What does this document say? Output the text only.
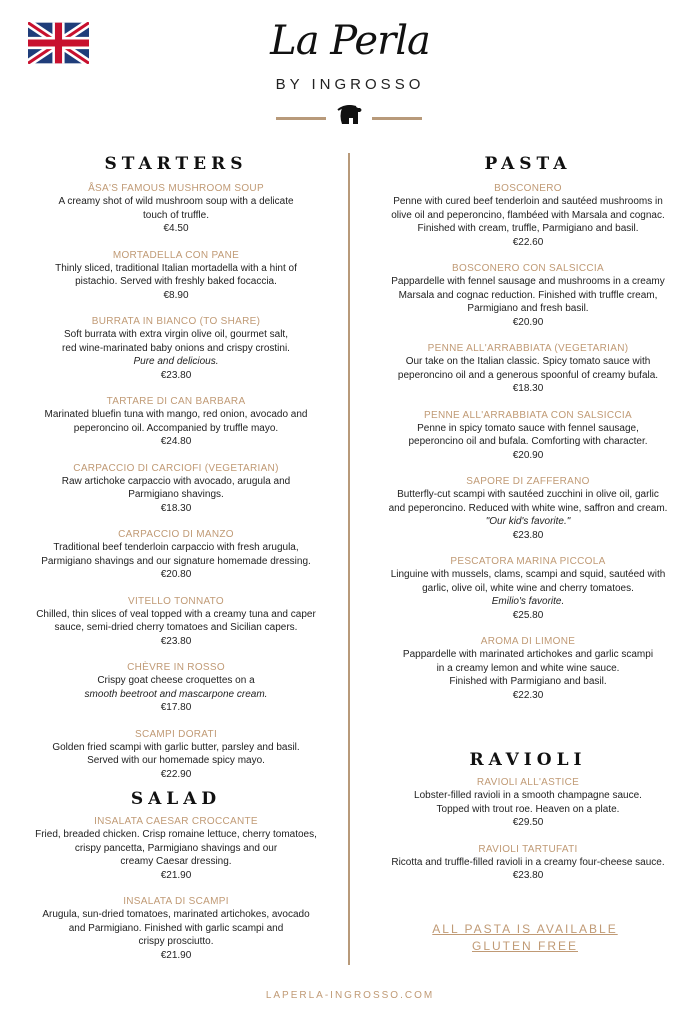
La Perla
BY INGROSSO
STARTERS
ÅSA'S FAMOUS MUSHROOM SOUP
A creamy shot of wild mushroom soup with a delicate
touch of truffle.
€4.50
MORTADELLA CON PANE
Thinly sliced, traditional Italian mortadella with a hint of
pistachio. Served with freshly baked focaccia.
€8.90
BURRATA IN BIANCO (TO SHARE)
Soft burrata with extra virgin olive oil, gourmet salt,
red wine-marinated baby onions and crispy crostini.
Pure and delicious.
€23.80
TARTARE DI CAN BARBARA
Marinated bluefin tuna with mango, red onion, avocado and
peperoncino oil. Accompanied by truffle mayo.
€24.80
CARPACCIO DI CARCIOFI (VEGETARIAN)
Raw artichoke carpaccio with avocado, arugula and
Parmigiano shavings.
€18.30
CARPACCIO DI MANZO
Traditional beef tenderloin carpaccio with fresh arugula,
Parmigiano shavings and our signature homemade dressing.
€20.80
VITELLO TONNATO
Chilled, thin slices of veal topped with a creamy tuna and caper
sauce, semi-dried cherry tomatoes and Sicilian capers.
€23.80
CHÈVRE IN ROSSO
Crispy goat cheese croquettes on a
smooth beetroot and mascarpone cream.
€17.80
SCAMPI DORATI
Golden fried scampi with garlic butter, parsley and basil.
Served with our homemade spicy mayo.
€22.90
SALAD
INSALATA CAESAR CROCCANTE
Fried, breaded chicken. Crisp romaine lettuce, cherry tomatoes,
crispy pancetta, Parmigiano shavings and our
creamy Caesar dressing.
€21.90
INSALATA DI SCAMPI
Arugula, sun-dried tomatoes, marinated artichokes, avocado
and Parmigiano. Finished with garlic scampi and
crispy prosciutto.
€21.90
PASTA
BOSCONERO
Penne with cured beef tenderloin and sautéed mushrooms in
olive oil and peperoncino, flambéed with Marsala and cognac.
Finished with cream, truffle, Parmigiano and basil.
€22.60
BOSCONERO CON SALSICCIA
Pappardelle with fennel sausage and mushrooms in a creamy
Marsala and cognac reduction. Finished with truffle cream,
Parmigiano and fresh basil.
€20.90
PENNE ALL'ARRABBIATA (VEGETARIAN)
Our take on the Italian classic. Spicy tomato sauce with
peperoncino oil and a generous spoonful of creamy bufala.
€18.30
PENNE ALL'ARRABBIATA CON SALSICCIA
Penne in spicy tomato sauce with fennel sausage,
peperoncino oil and bufala. Comforting with character.
€20.90
SAPORE DI ZAFFERANO
Butterfly-cut scampi with sautéed zucchini in olive oil, garlic
and peperoncino. Reduced with white wine, saffron and cream.
"Our kid's favorite."
€23.80
PESCATORA MARINA PICCOLA
Linguine with mussels, clams, scampi and squid, sautéed with
garlic, olive oil, white wine and cherry tomatoes.
Emilio's favorite.
€25.80
AROMA DI LIMONE
Pappardelle with marinated artichokes and garlic scampi
in a creamy lemon and white wine sauce.
Finished with Parmigiano and basil.
€22.30
RAVIOLI
RAVIOLI ALL'ASTICE
Lobster-filled ravioli in a smooth champagne sauce.
Topped with trout roe. Heaven on a plate.
€29.50
RAVIOLI TARTUFATI
Ricotta and truffle-filled ravioli in a creamy four-cheese sauce.
€23.80
ALL PASTA IS AVAILABLE
GLUTEN FREE
LAPERLA-INGROSSO.COM
